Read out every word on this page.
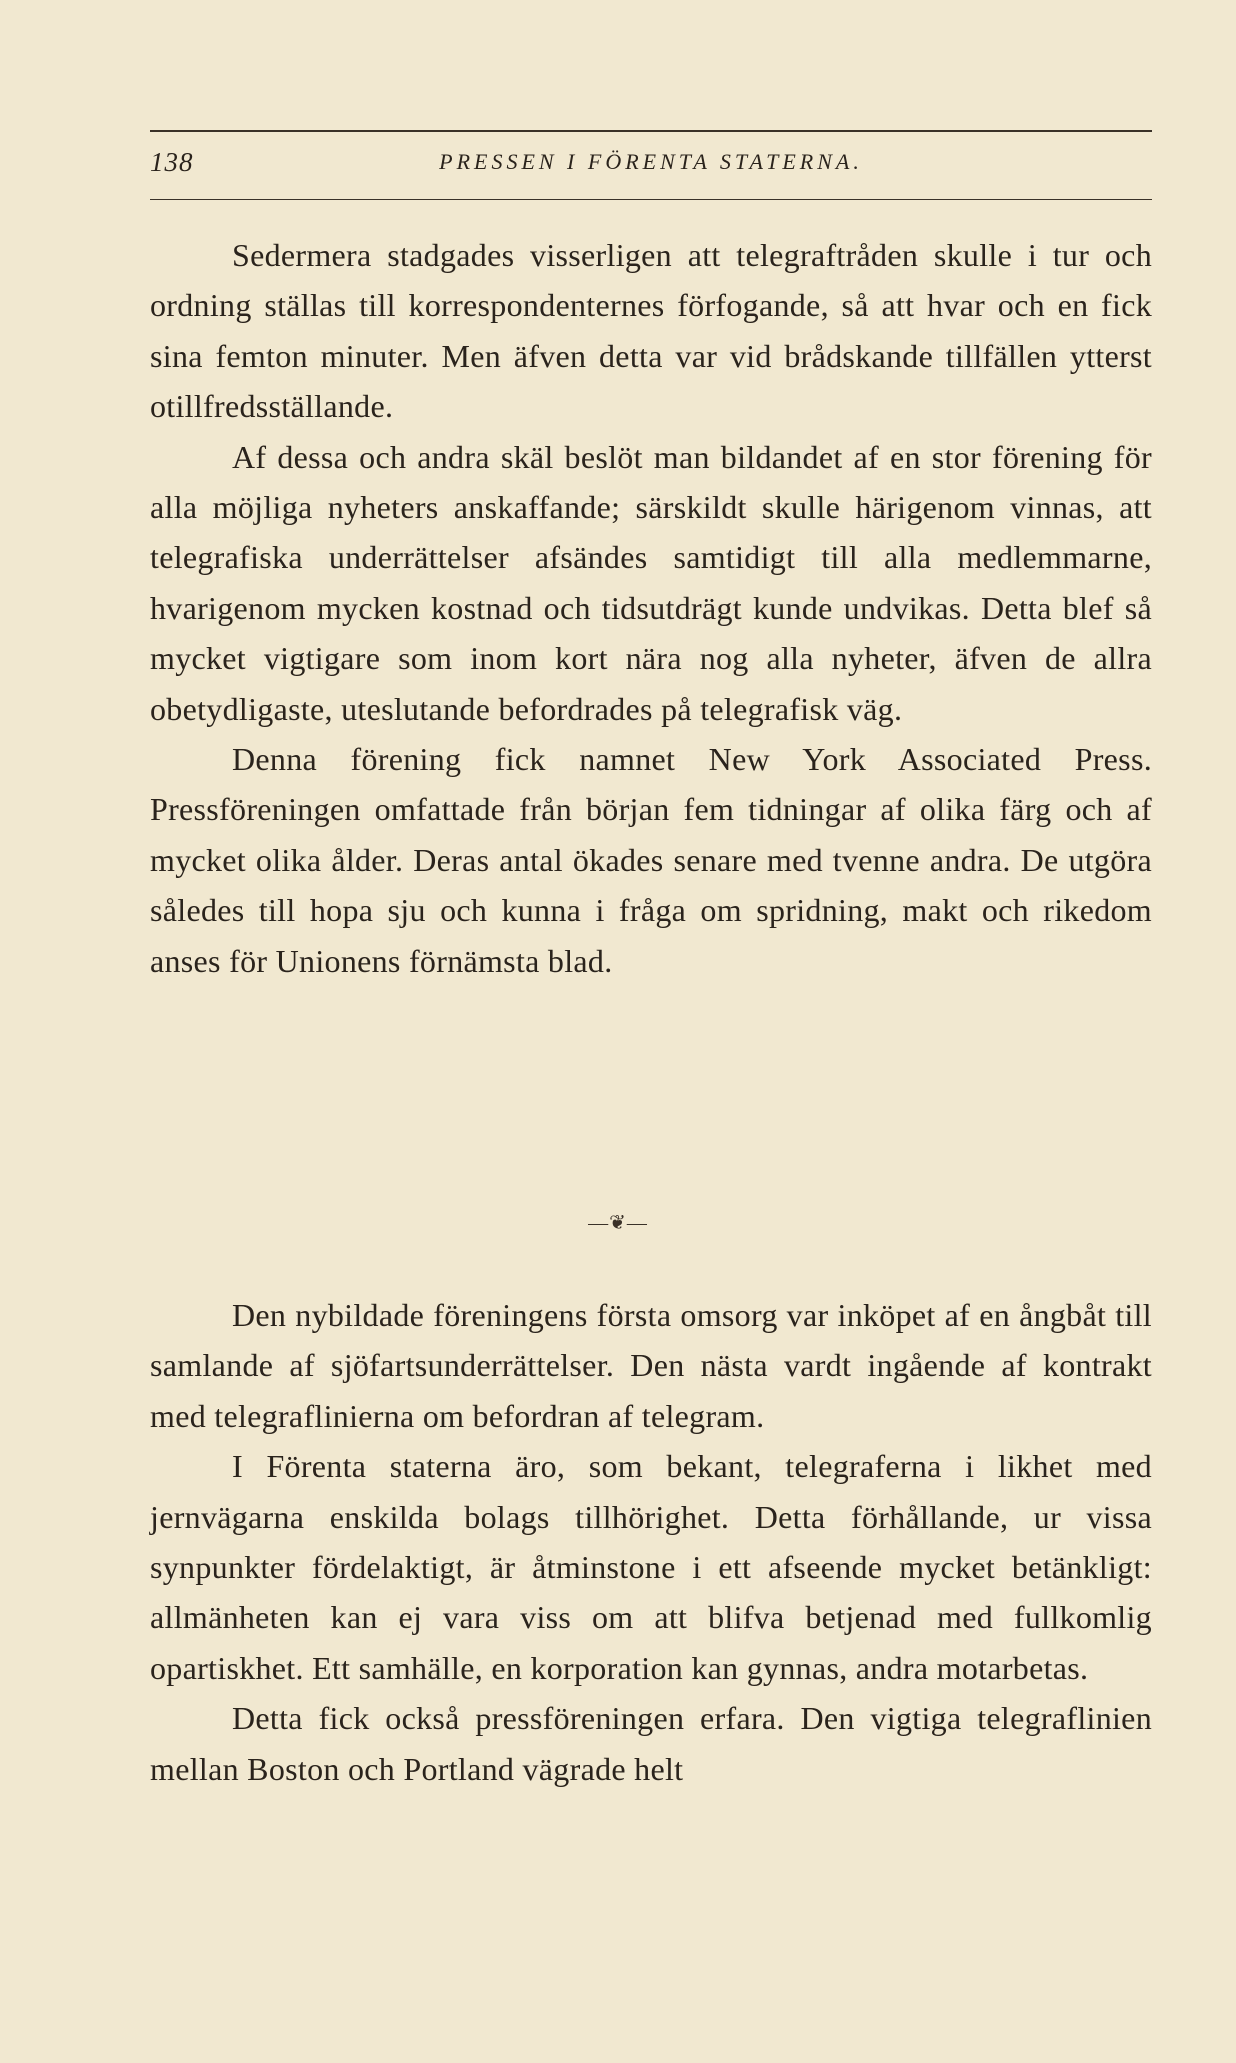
138	PRESSEN I FÖRENTA STATERNA.

Sedermera stadgades visserligen att telegraftråden skulle i tur och ordning ställas till korrespondenternes förfogande, så att hvar och en fick sina femton minuter. Men äfven detta var vid brådskande tillfällen ytterst otillfredsställande.

Af dessa och andra skäl beslöt man bildandet af en stor förening för alla möjliga nyheters anskaffande; särskildt skulle härigenom vinnas, att telegrafiska underrättelser afsändes samtidigt till alla medlemmarne, hvarigenom mycken kostnad och tidsutdrägt kunde undvikas. Detta blef så mycket vigtigare som inom kort nära nog alla nyheter, äfven de allra obetydligaste, uteslutande befordrades på telegrafisk väg.

Denna förening fick namnet New York Associated Press. Pressföreningen omfattade från början fem tidningar af olika färg och af mycket olika ålder. Deras antal ökades senare med tvenne andra. De utgöra således till hopa sju och kunna i fråga om spridning, makt och rikedom anses för Unionens förnämsta blad.

—❦—

Den nybildade föreningens första omsorg var inköpet af en ångbåt till samlande af sjöfartsunderrättelser. Den nästa vardt ingående af kontrakt med telegraflinierna om befordran af telegram.

I Förenta staterna äro, som bekant, telegraferna i likhet med jernvägarna enskilda bolags tillhörighet. Detta förhållande, ur vissa synpunkter fördelaktigt, är åtminstone i ett afseende mycket betänkligt: allmänheten kan ej vara viss om att blifva betjenad med fullkomlig opartiskhet. Ett samhälle, en korporation kan gynnas, andra motarbetas.

Detta fick också pressföreningen erfara. Den vigtiga telegraflinien mellan Boston och Portland vägrade helt
